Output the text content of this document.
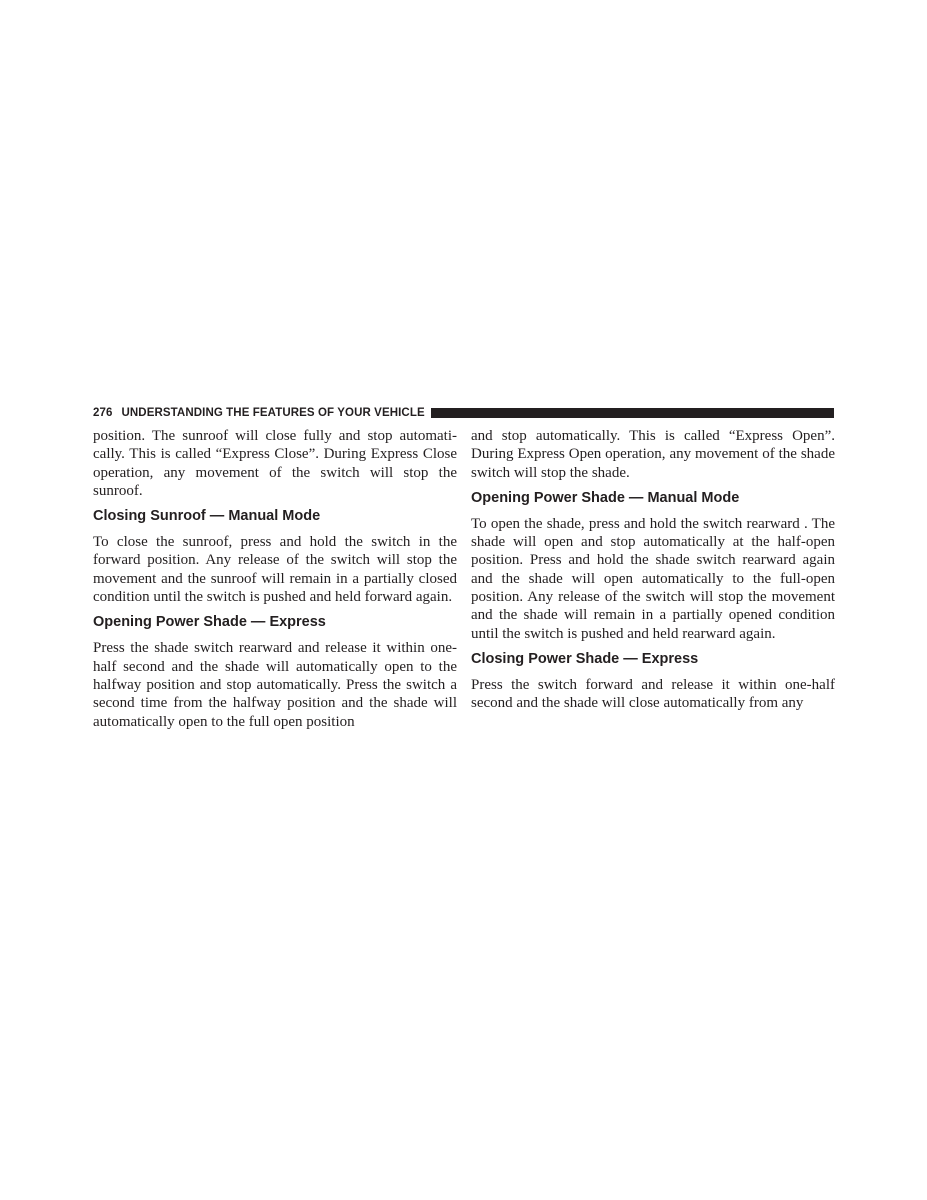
276 UNDERSTANDING THE FEATURES OF YOUR VEHICLE

position. The sunroof will close fully and stop automati-cally. This is called “Express Close”. During Express Close operation, any movement of the switch will stop the sunroof.

Closing Sunroof — Manual Mode

To close the sunroof, press and hold the switch in the forward position. Any release of the switch will stop the movement and the sunroof will remain in a partially closed condition until the switch is pushed and held forward again.

Opening Power Shade — Express

Press the shade switch rearward and release it within one-half second and the shade will automatically open to the halfway position and stop automatically. Press the switch a second time from the halfway position and the shade will automatically open to the full open position

and stop automatically. This is called “Express Open”. During Express Open operation, any movement of the shade switch will stop the shade.

Opening Power Shade — Manual Mode

To open the shade, press and hold the switch rearward . The shade will open and stop automatically at the half-open position. Press and hold the shade switch rearward again and the shade will open automatically to the full-open position. Any release of the switch will stop the movement and the shade will remain in a partially opened condition until the switch is pushed and held rearward again.

Closing Power Shade — Express

Press the switch forward and release it within one-half second and the shade will close automatically from any
